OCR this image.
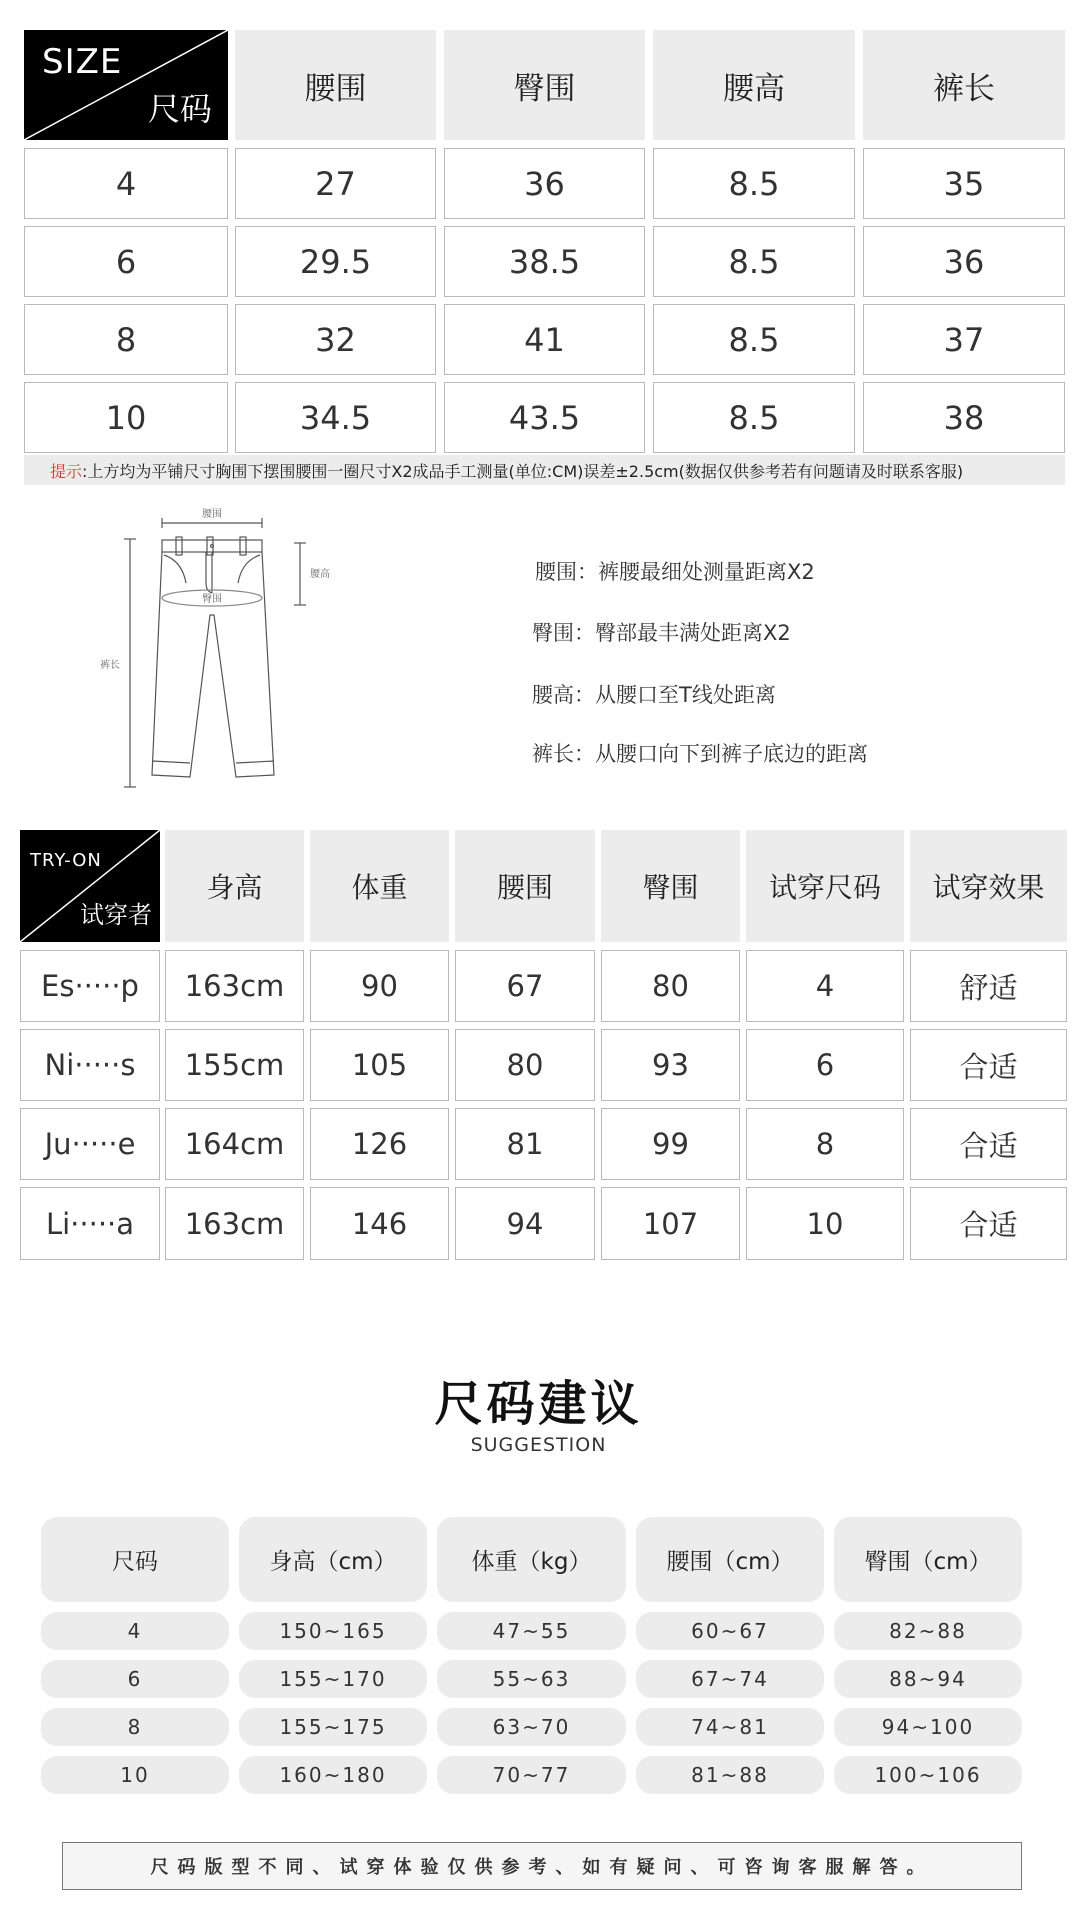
SIZE
尺码
腰围	臀围	腰高	裤长
4	27	36	8.5	35
6	29.5	38.5	8.5	36
8	32	41	8.5	37
10	34.5	43.5	8.5	38
提示 :上方均为平铺尺寸胸围下摆围腰围一圈尺寸X2成品手工测量(单位:CM)误差±2.5cm(数据仅供参考若有问题请及时联系客服)
腰围
腰高
臀围
裤长
腰围：裤腰最细处测量距离X2
臀围：臀部最丰满处距离X2
腰高：从腰口至T线处距离
裤长：从腰口向下到裤子底边的距离
TRY-ON
试穿者
身高	体重	腰围	臀围	试穿尺码	试穿效果
Es·····p	163cm	90	67	80	4	舒适
Ni·····s	155cm	105	80	93	6	合适
Ju·····e	164cm	126	81	99	8	合适
Li·····a	163cm	146	94	107	10	合适
尺码建议
SUGGESTION
尺码	身高（cm）	体重（kg）	腰围（cm）	臀围（cm）
4	150~165	47~55	60~67	82~88
6	155~170	55~63	67~74	88~94
8	155~175	63~70	74~81	94~100
10	160~180	70~77	81~88	100~106
尺码版型不同、试穿体验仅供参考、如有疑问、可咨询客服解答。
